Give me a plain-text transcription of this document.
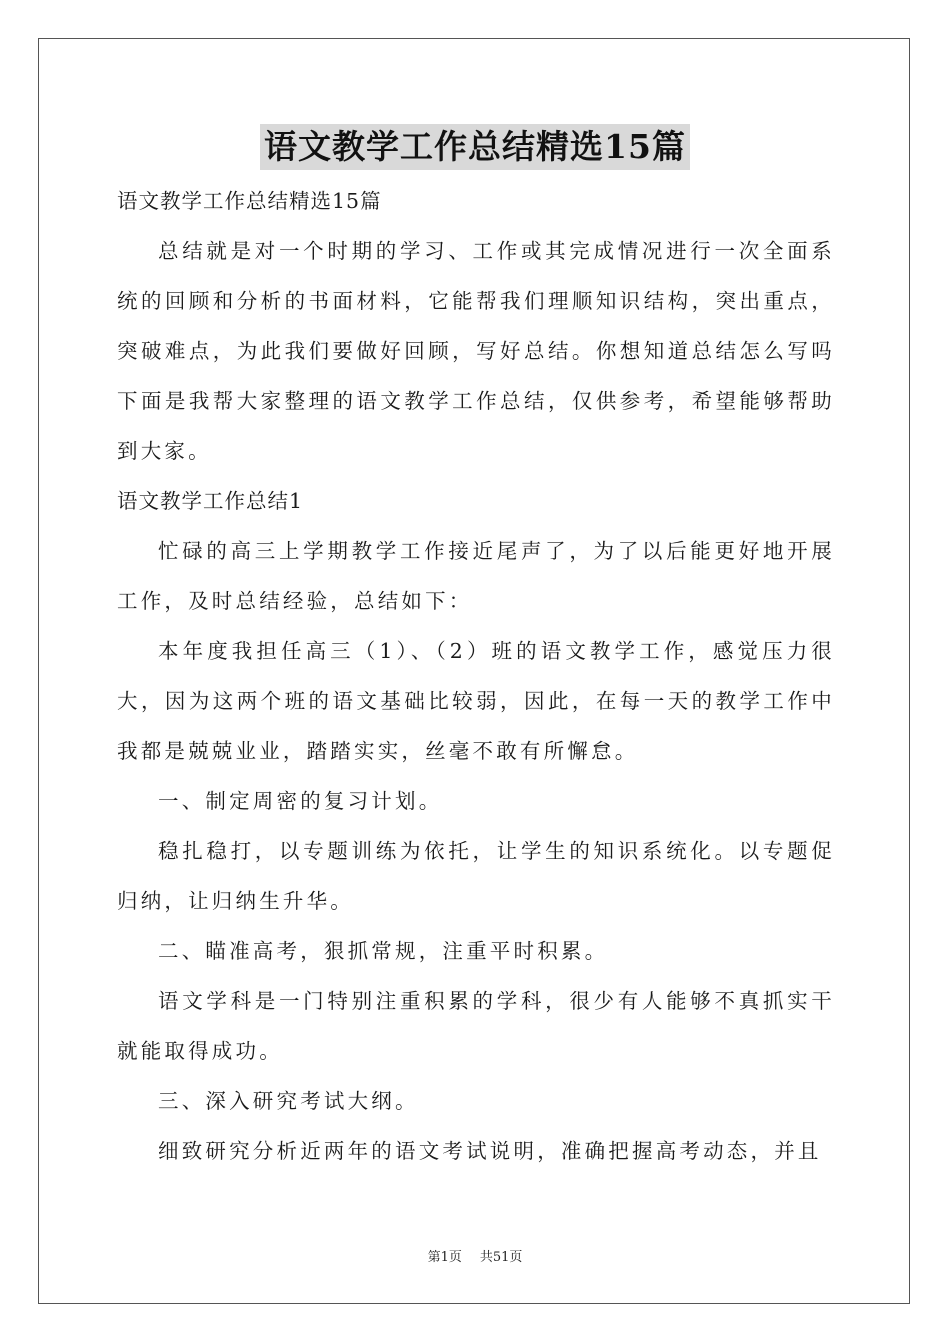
语文教学工作总结精选15篇

语文教学工作总结精选15篇

总结就是对一个时期的学习、工作或其完成情况进行一次全面系统的回顾和分析的书面材料，它能帮我们理顺知识结构，突出重点，突破难点，为此我们要做好回顾，写好总结。你想知道总结怎么写吗下面是我帮大家整理的语文教学工作总结，仅供参考，希望能够帮助到大家。

语文教学工作总结1

忙碌的高三上学期教学工作接近尾声了，为了以后能更好地开展工作，及时总结经验，总结如下：

本年度我担任高三（1）、（2）班的语文教学工作，感觉压力很大，因为这两个班的语文基础比较弱，因此，在每一天的教学工作中我都是兢兢业业，踏踏实实，丝毫不敢有所懈怠。

一、制定周密的复习计划。

稳扎稳打，以专题训练为依托，让学生的知识系统化。以专题促归纳，让归纳生升华。

二、瞄准高考，狠抓常规，注重平时积累。

语文学科是一门特别注重积累的学科，很少有人能够不真抓实干就能取得成功。

三、深入研究考试大纲。

细致研究分析近两年的语文考试说明，准确把握高考动态，并且

第1页 共51页
